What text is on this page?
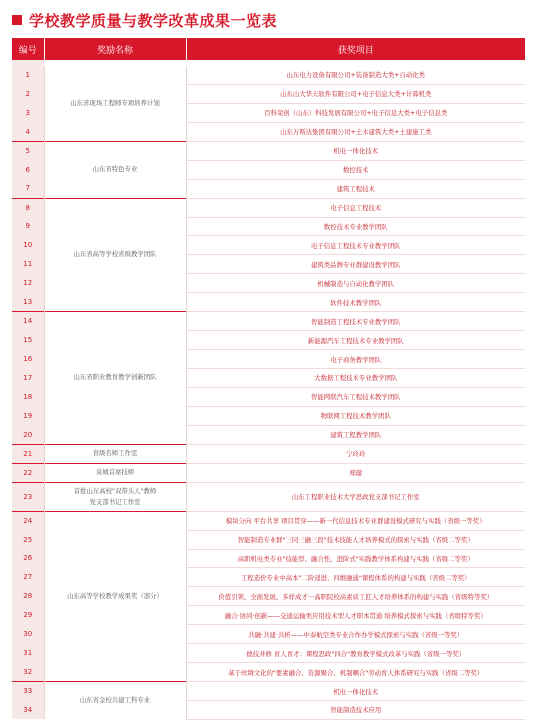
学校教学质量与教学改革成果一览表
编号	奖励名称	获奖项目

1	山东省现场工程师专项培养计划	山东电力设备有限公司+装备制造大类+自动化类
2		山东山大华天软件有限公司+电子信息大类+计算机类
3		百科荣创（山东）科技发展有限公司+电子信息大类+电子信息类
4		山东万斯达集团有限公司+土木建筑大类+土建施工类
5	山东省特色专业	机电一体化技术
6		数控技术
7		建筑工程技术
8	山东省高等学校省级教学团队	电子信息工程技术
9		数控技术专业教学团队
10		电子信息工程技术专业教学团队
11		建筑类品牌专业群建设教学团队
12		机械制造与自动化教学团队
13		软件技术教学团队
14	山东省职业教育教学创新团队	智能制造工程技术专业教学团队
15		新能源汽车工程技术专业教学团队
16		电子商务教学团队
17		大数据工程技术专业教学团队
18		智能网联汽车工程技术教学团队
19		物联网工程技术教学团队
20		建筑工程教学团队
21	省级名师工作室	宁玲玲
22	泉城首席技师	郑健
23	首批山东高校"双带头人"教师党支部书记工作室	山东工程职业技术大学思政党支部书记工作室
24	山东高等学校教学成果奖（部分）	模块分向 平台共享 项目贯穿——新一代信息技术专业群建设模式研究与实践（省级一等奖）
25		智能制造专业群"三同三融三段"技术技能人才培养模式的探索与实践（省级二等奖）
26		高职机电类专业"技能型、融合性、进阶式"实践教学体系构建与实践（省级二等奖）
27		工程造价专业中高本"二阶递进、四维融通"课程体系的构建与实践（省级二等奖）
28		价值引领、全面发展、多样成才一高职院校高素质工匠人才培养体系的构建与实践（省级特等奖）
29		融合·协同·创新——交通运输类应用技术型人才职本贯通 培养模式探索与实践（省级特等奖）
30		共融·共建·共析——中泰航空类专业合作办学模式探索与实践（省级一等奖）
31		德技并修 育人育才：课程思政"四合"教育教学模式改革与实践（省级一等奖）
32		基于丝绸文化的"要素融合、资源聚合、机制耦合"劳动育人体系研究与实践（省级二等奖）
33	山东省金校共建工科专业	机电一体化技术
34		智能制造技术应用
